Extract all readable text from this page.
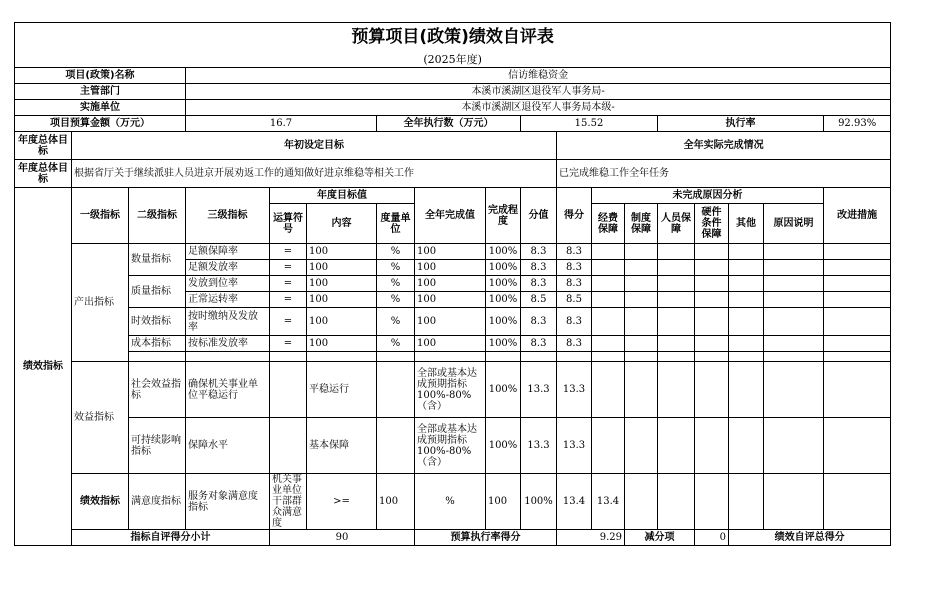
预算项目(政策)绩效自评表																		
(2025年度)																		
项目(政策)名称			信访维稳资金															
主管部门			本溪市溪湖区退役军人事务局-															
实施单位			本溪市溪湖区退役军人事务局本级-															
项目预算金额（万元）			16.7			全年执行数（万元）			15.52				执行率				92.93%	
年度总体目标	年初设定目标									全年实际完成情况								
年度总体目标	根据省厅关于继续派驻人员进京开展劝返工作的通知做好进京维稳等相关工作									已完成维稳工作全年任务								
绩效指标	一级指标	二级指标	三级指标	年度目标值			全年完成值	完成程度	分值	得分	未完成原因分析						改进措施	
				运算符号	内容	度量单位					经费保障	制度保障	人员保障	硬件条件保障	其他	原因说明		
	产出指标	数量指标	足额保障率	=	100	%	100	100%	8.3	8.3								
			足额发放率	=	100	%	100	100%	8.3	8.3								
		质量指标	发放到位率	=	100	%	100	100%	8.3	8.3								
			正常运转率	=	100	%	100	100%	8.5	8.5								
		时效指标	按时缴纳及发放率	=	100	%	100	100%	8.3	8.3								
		成本指标	按标准发放率	=	100	%	100	100%	8.3	8.3								

	效益指标	社会效益指标	确保机关事业单位平稳运行		平稳运行		全部或基本达成预期指标100%-80%（含）	100%	13.3	13.3								
		可持续影响指标	保障水平		基本保障		全部或基本达成预期指标100%-80%（含）	100%	13.3	13.3								
	绩效指标	满意度指标	服务对象满意度指标	机关事业单位干部群众满意度	>=	100	%	100	100%	13.4	13.4							
	指标自评得分小计			90			预算执行率得分			9.29		减分项		0	绩效自评总得分	
